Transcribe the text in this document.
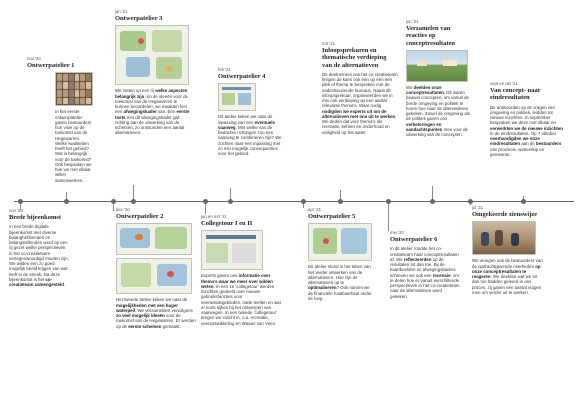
nov '20
Ontwerpatelier 1
In het eerste ontwerpatelier gaven bestuurders hun visie op de toekomst van de Hegewarren. Welke kwaliteiten heeft het gebied? Wat is belangrijk voor de toekomst? Ook bespraken we hoe we met elkaar willen samenwerken.
nov '20
Brede bijeenkomst
In een brede digitale bijeenkomst met diverse belanghebbenden en belangstellenden werd op een rij gezet welke perspectieven in het co-creatieteam vertegenwoordigd moeten zijn. We wilden een zo goed mogelijk beeld krijgen van wat leeft in de streek. Na deze bijeenkomst is het co-creatieteam samengesteld.
jan '21
Ontwerpatelier 3
We zetten op een rij welke aspecten belangrijk zijn om de ideeën voor de toekomst van de Hegewarren te kunnen beoordelen; we maakten hier een afwegingskader van. Een eerste toets met dit afwegingskader gaf richting aan de uitwerking van de schetsen, zo ontstonden een aantal alternatieven.
dec '20
Ontwerpatelier 2
Het tweede atelier keken we naar de mogelijkheden met een hoger waterpeil. We verzamelden vervolgens zo veel mogelijk ideeën voor de toekomst van de Hegewarren. Er werden op de eerste schetsen gemaakt.
feb '21
Ontwerpatelier 4
Dit atelier keken we naar de inpassing van een eventuele vaarweg. Met welke van de bedachte richtingen zou een vaarweg te combineren zijn? We zochten naar een inpassing met zo min mogelijk consequenties voor het gebied.
jan en mrt '21
Collegetour I en II
Experts gaven ons informatie over thema's waar we meer over wilden weten. In een 1e 'collegetour' werden inzichten gedeeld over nieuwe gebruiksfuncties voor veenweidegebieden, natte teelten en wat er komt kijken bij het ontwerpen van vaarwegen. In een tweede 'collegetour' kregen we inzicht in, o.a. recreatie, veenontwikkeling en Waaier van Veen.
mrt '21
Inloopsprekuren en thematische verdieping van de alternatieven
De deelnemers van het co-creatieteam kregen de kans ook één op één een plek of thema te bespreken met de ondersteunende bureaus. Naast dit inloopsprekuur, organiseerden we in mei ook verdieping op een aantal relevante thema's. Waar nodig nodigden we experts uit om de alternatieven met ons uit te werken. We deden dat voor thema's als recreatie, beheer en onderhoud en veiligheid op het water.
apr '21
Ontwerpatelier 5
Dit atelier stond in het teken van het verder uitwerken van de alternatieven. Hoe zijn de alternatieven op te optimaliseren? Ook namen we de financiële haalbaarheid onder de loep.
jun '21
Verzamelen van reacties op conceptresultaten
We deelden onze conceptresultaten. Dit waren bewust concepten, om vanuit de brede omgeving en politiek te horen hoe naar de alternatieven gekeken. Zowel de omgeving als de politiek gaven ons verbeteringen en aandachtspunten mee voor de uitwerking van de concepten.
mei '20
Ontwerpatelier 6
In dit atelier rondde het co-creatieteam haar conceptresultaten af. We reflecteerden op de resultaten tot dan toe. Bij de kaartbeelden en afwegingskaders schreven we ook een recensie; om te delen hoe er vanuit verschillende perspectieven in het co-creatieteam naar de alternatieven werd gekeken.
sept en okt '21
Van concept- naar eindresultaten
De antwoorden op de vragen van omgeving en politiek, leidden tot nieuwe inzichten. In september bespraken we deze met elkaar en verwerkten we de nieuwe inzichten in de eindresultaten. Op 7 oktober overhandigden we onze eindresultaten aan de bestuurders van provincie, wetterskip en gemeente.
jul '21
Omgekeerde zienswijze
We vroegen ook de bestuurders van de opdrachtgevende overheden op onze conceptresultaten te reageren. We deelden wat we tot dan toe hadden geleerd in ons proces, zij gaven een aantal vragen mee om verder uit te werken.
